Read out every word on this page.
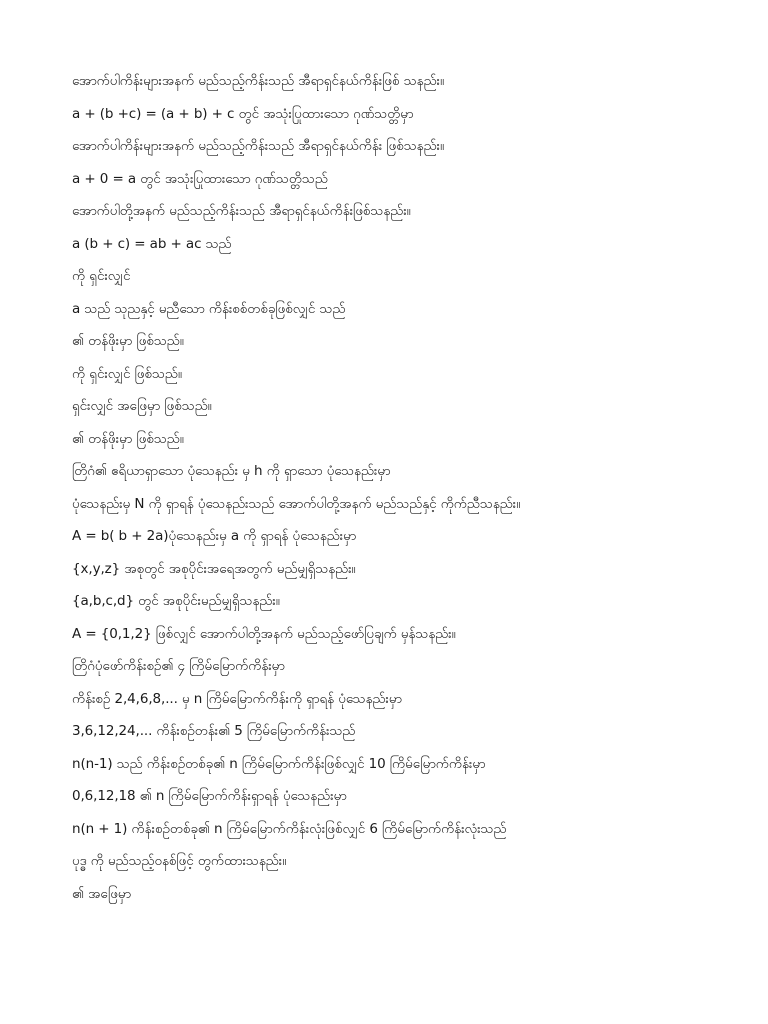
အောက်ပါကိန်းများအနက် မည်သည့်ကိန်းသည် အီရာရှင်နယ်ကိန်းဖြစ် သနည်း။
a + (b +c) = (a + b) + c တွင် အသုံးပြုထားသော ဂုဏ်သတ္တိမှာ
အောက်ပါကိန်းများအနက် မည်သည့်ကိန်းသည် အီရာရှင်နယ်ကိန်း ဖြစ်သနည်း။
a + 0 = a တွင် အသုံးပြုထားသော ဂုဏ်သတ္တိသည်
အောက်ပါတို့အနက် မည်သည့်ကိန်းသည် အီရာရှင်နယ်ကိန်းဖြစ်သနည်း။
a (b + c) = ab + ac သည်
ကို ရှင်းလျှင်
a သည် သုညနှင့် မညီသော ကိန်းစစ်တစ်ခုဖြစ်လျှင် သည်
၏ တန်ဖိုးမှာ ဖြစ်သည်။
ကို ရှင်းလျှင် ဖြစ်သည်။
ရှင်းလျှင် အဖြေမှာ ဖြစ်သည်။
၏ တန်ဖိုးမှာ ဖြစ်သည်။
တြိဂံ၏ ဧရိယာရှာသော ပုံသေနည်း မှ h ကို ရှာသော ပုံသေနည်းမှာ
ပုံသေနည်းမှ N ကို ရှာရန် ပုံသေနည်းသည် အောက်ပါတို့အနက် မည်သည်နှင့် ကိုက်ညီသနည်း။
A = b( b + 2a)ပုံသေနည်းမှ a ကို ရှာရန် ပုံသေနည်းမှာ
{x,y,z} အစုတွင် အစုပိုင်းအရေအတွက် မည်မျှရှိသနည်း။
{a,b,c,d} တွင် အစုပိုင်းမည်မျှရှိသနည်း။
A = {0,1,2} ဖြစ်လျှင် အောက်ပါတို့အနက် မည်သည့်ဖော်ပြချက် မှန်သနည်း။
တြိဂံပုံဖော်ကိန်းစဉ်၏ ၄ ကြိမ်မြောက်ကိန်းမှာ
ကိန်းစဉ် 2,4,6,8,... မှ n ကြိမ်မြောက်ကိန်းကို ရှာရန် ပုံသေနည်းမှာ
3,6,12,24,... ကိန်းစဉ်တန်း၏ 5 ကြိမ်မြောက်ကိန်းသည်
n(n-1) သည် ကိန်းစဉ်တစ်ခု၏ n ကြိမ်မြောက်ကိန်းဖြစ်လျှင် 10 ကြိမ်မြောက်ကိန်းမှာ
0,6,12,18 ၏ n ကြိမ်မြောက်ကိန်းရှာရန် ပုံသေနည်းမှာ
n(n + 1) ကိန်းစဉ်တစ်ခု၏ n ကြိမ်မြောက်ကိန်းလုံးဖြစ်လျှင် 6 ကြိမ်မြောက်ကိန်းလုံးသည်
ပုဒ္ဓ ကို မည်သည့်ဝနစ်ဖြင့် တွက်ထားသနည်း။
၏ အဖြေမှာ
